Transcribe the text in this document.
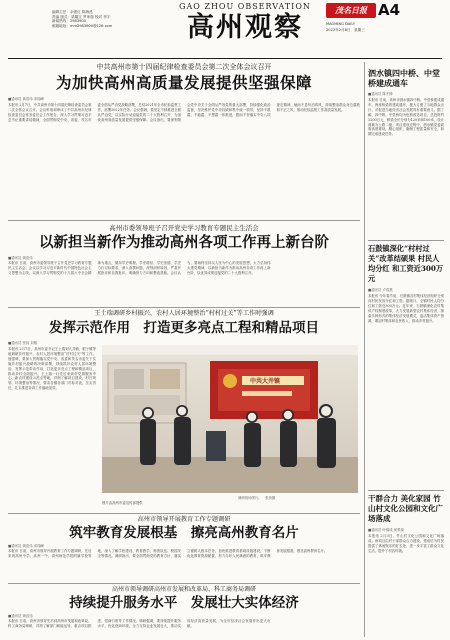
编辑主任：余建红 陈海泓
责编 版式：梁耀文 罗家瑞 校对 李宇
新闻热线：2983900
邮箱地址：mm2983900@126.com
GAO ZHOU OBSERVATION
高州观察
茂名日报 A4
MAOMING DAILY
2022年2月8日　星期三
中共高州市第十四届纪律检查委员会第二次全体会议召开
为加快高州高质量发展提供坚强保障
■通讯员 黄浩伟 邓瑞峰
本报讯 2月7日，中共高州市第十四届纪律检查委员会第二次全体会议召开。会议听取和审议了中共高州市纪律检查委员会常务委员会工作报告，深入学习贯彻习近平总书记重要讲话精神，全面贯彻党中央、省委、茂名市委全面从严治党战略部署，总结2021年全市纪检监察工作，部署2022年任务。会议强调，要坚定不移推进全面从严治党，以实际行动迎接党的二十大胜利召开，为加快高州高质量发展提供坚强保障。会议指出，要深刻领会党中央关于全面从严治党的重大部署，持续强化政治监督，坚决维护党中央权威和集中统一领导，坚持不敢腐、不能腐、不想腐一体推进，锲而不舍落实中央八项规定精神，驰而不息纠治四风，持续整治群众身边腐败和不正之风，推动纪检监察工作高质量发展。
高州市委领导班子召开党史学习教育专题民主生活会
以新担当新作为推动高州各项工作再上新台阶
■通讯员 黄浩伟
本报讯 日前，高州市委领导班子召开党史学习教育专题民主生活会。会议以学习习近平新时代中国特色社会主义思想为主线，以深入学习贯彻党的十九届六中全会精神为重点，紧扣学史明理、学史增信、学史崇德、学史力行目标要求，深入查摆问题，深刻剖析原因，严肃开展批评和自我批评，明确努力方向和整改措施。会议认为，要始终坚持以人民为中心的发展思想，大力弘扬伟大建党精神，以新担当新作为推动高州各项工作再上新台阶，以优异成绩迎接党的二十大胜利召开。
王土瑞调研乡村振兴、农村人居环境整治“村村过关”等工作时强调
发挥示范作用　打造更多亮点工程和精品项目
■通讯员 张扬 刘敏
本报讯 2月7日，高州市委书记王土瑞到大井镇、根子镇等地调研乡村振兴、农村人居环境整治“村村过关”等工作。他强调，要深入贯彻落实党中央、省委和茂名市委关于实施乡村振兴战略的决策部署，持续抓好农村人居环境整治，发挥示范带动作用，打造更多亮点工程和精品项目，推动乡村全面振兴。王土瑞一行先后来到村党群服务中心、新农村建设示范点等地，详细了解项目建设、村庄规划、环境整治等情况，要求各镇各部门对标对表，压实责任，扎实推进各项工作落地见效。
中共大井镇
调研现场图片。　张扬摄
图片由高州市委宣传部提供
高州市领导开展教育工作专题调研
筑牢教育发展根基　擦亮高州教育名片
■通讯员 黄浩伟 邓瑞峰
本报讯 日前，高州市领导开展教育工作专题调研，先后来到高州中学、高州一中、高州师范学院附属学校等地，深入了解学校建设、教育教学、师资队伍、校园安全等情况。调研指出，要全面贯彻党的教育方针，落实立德树人根本任务，加快推进教育基础设施建设，不断优化教育资源配置，努力办好人民满意的教育，筑牢教育发展根基，擦亮高州教育名片。
高州市领导调研高州市发展和改革局、科工商务局调研
持续提升服务水平　发展壮大实体经济
■通讯员 黄浩伟
本报讯 日前，高州市领导先后到高州市发展和改革局、科工商务局调研，详细了解部门职能运转、重点项目推进、招商引资等工作情况。调研强调，要持续提升服务水平，优化营商环境，全力支持企业发展壮大，推动实体经济高质量发展，为全市经济社会发展作出更大贡献。
泗水镇四中桥、中堂桥建成通车
■通讯员 陈冬锋
本报讯 日前，高州市泗水镇四中桥、中堂桥建成通车。两座桥梁的建成通车，极大方便了当地群众出行，对促进当地经济社会发展具有重要意义。据了解，四中桥、中堂桥均为危桥改造项目，总投资约1200万元，桥梁全长分别为120米和100米，设计荷载为公路二级。项目建设过程中，泗水镇党委政府高度重视，精心组织，确保工程质量和安全，如期完成建设任务。
石鼓镇深化“村村过关”改革结硕果 村民人均分红 和工资近300万元
■通讯员 卢春燕
本报讯 今年春节前，石鼓镇各村集体经济组织分别向村民发放分红和工资。据统计，全镇村民人均分红和工资近300万元。近年来，石鼓镇深化农村集体产权制度改革，大力发展新型农村集体经济，探索多种形式的集体经济发展模式，盘活集体资产资源，增加村集体和农民收入，推动乡村振兴。
干群合力 美化家园 竹山村文化公园和文化广场落成
■通讯员 叶锦成 何景源
本报讯 2月3日，竹山村文化公园和文化广场落成。该项目由村干部群众合力建设，建成后为村民提供了休闲娱乐的好去处，进一步丰富了群众文化生活，提升了村容村貌。
